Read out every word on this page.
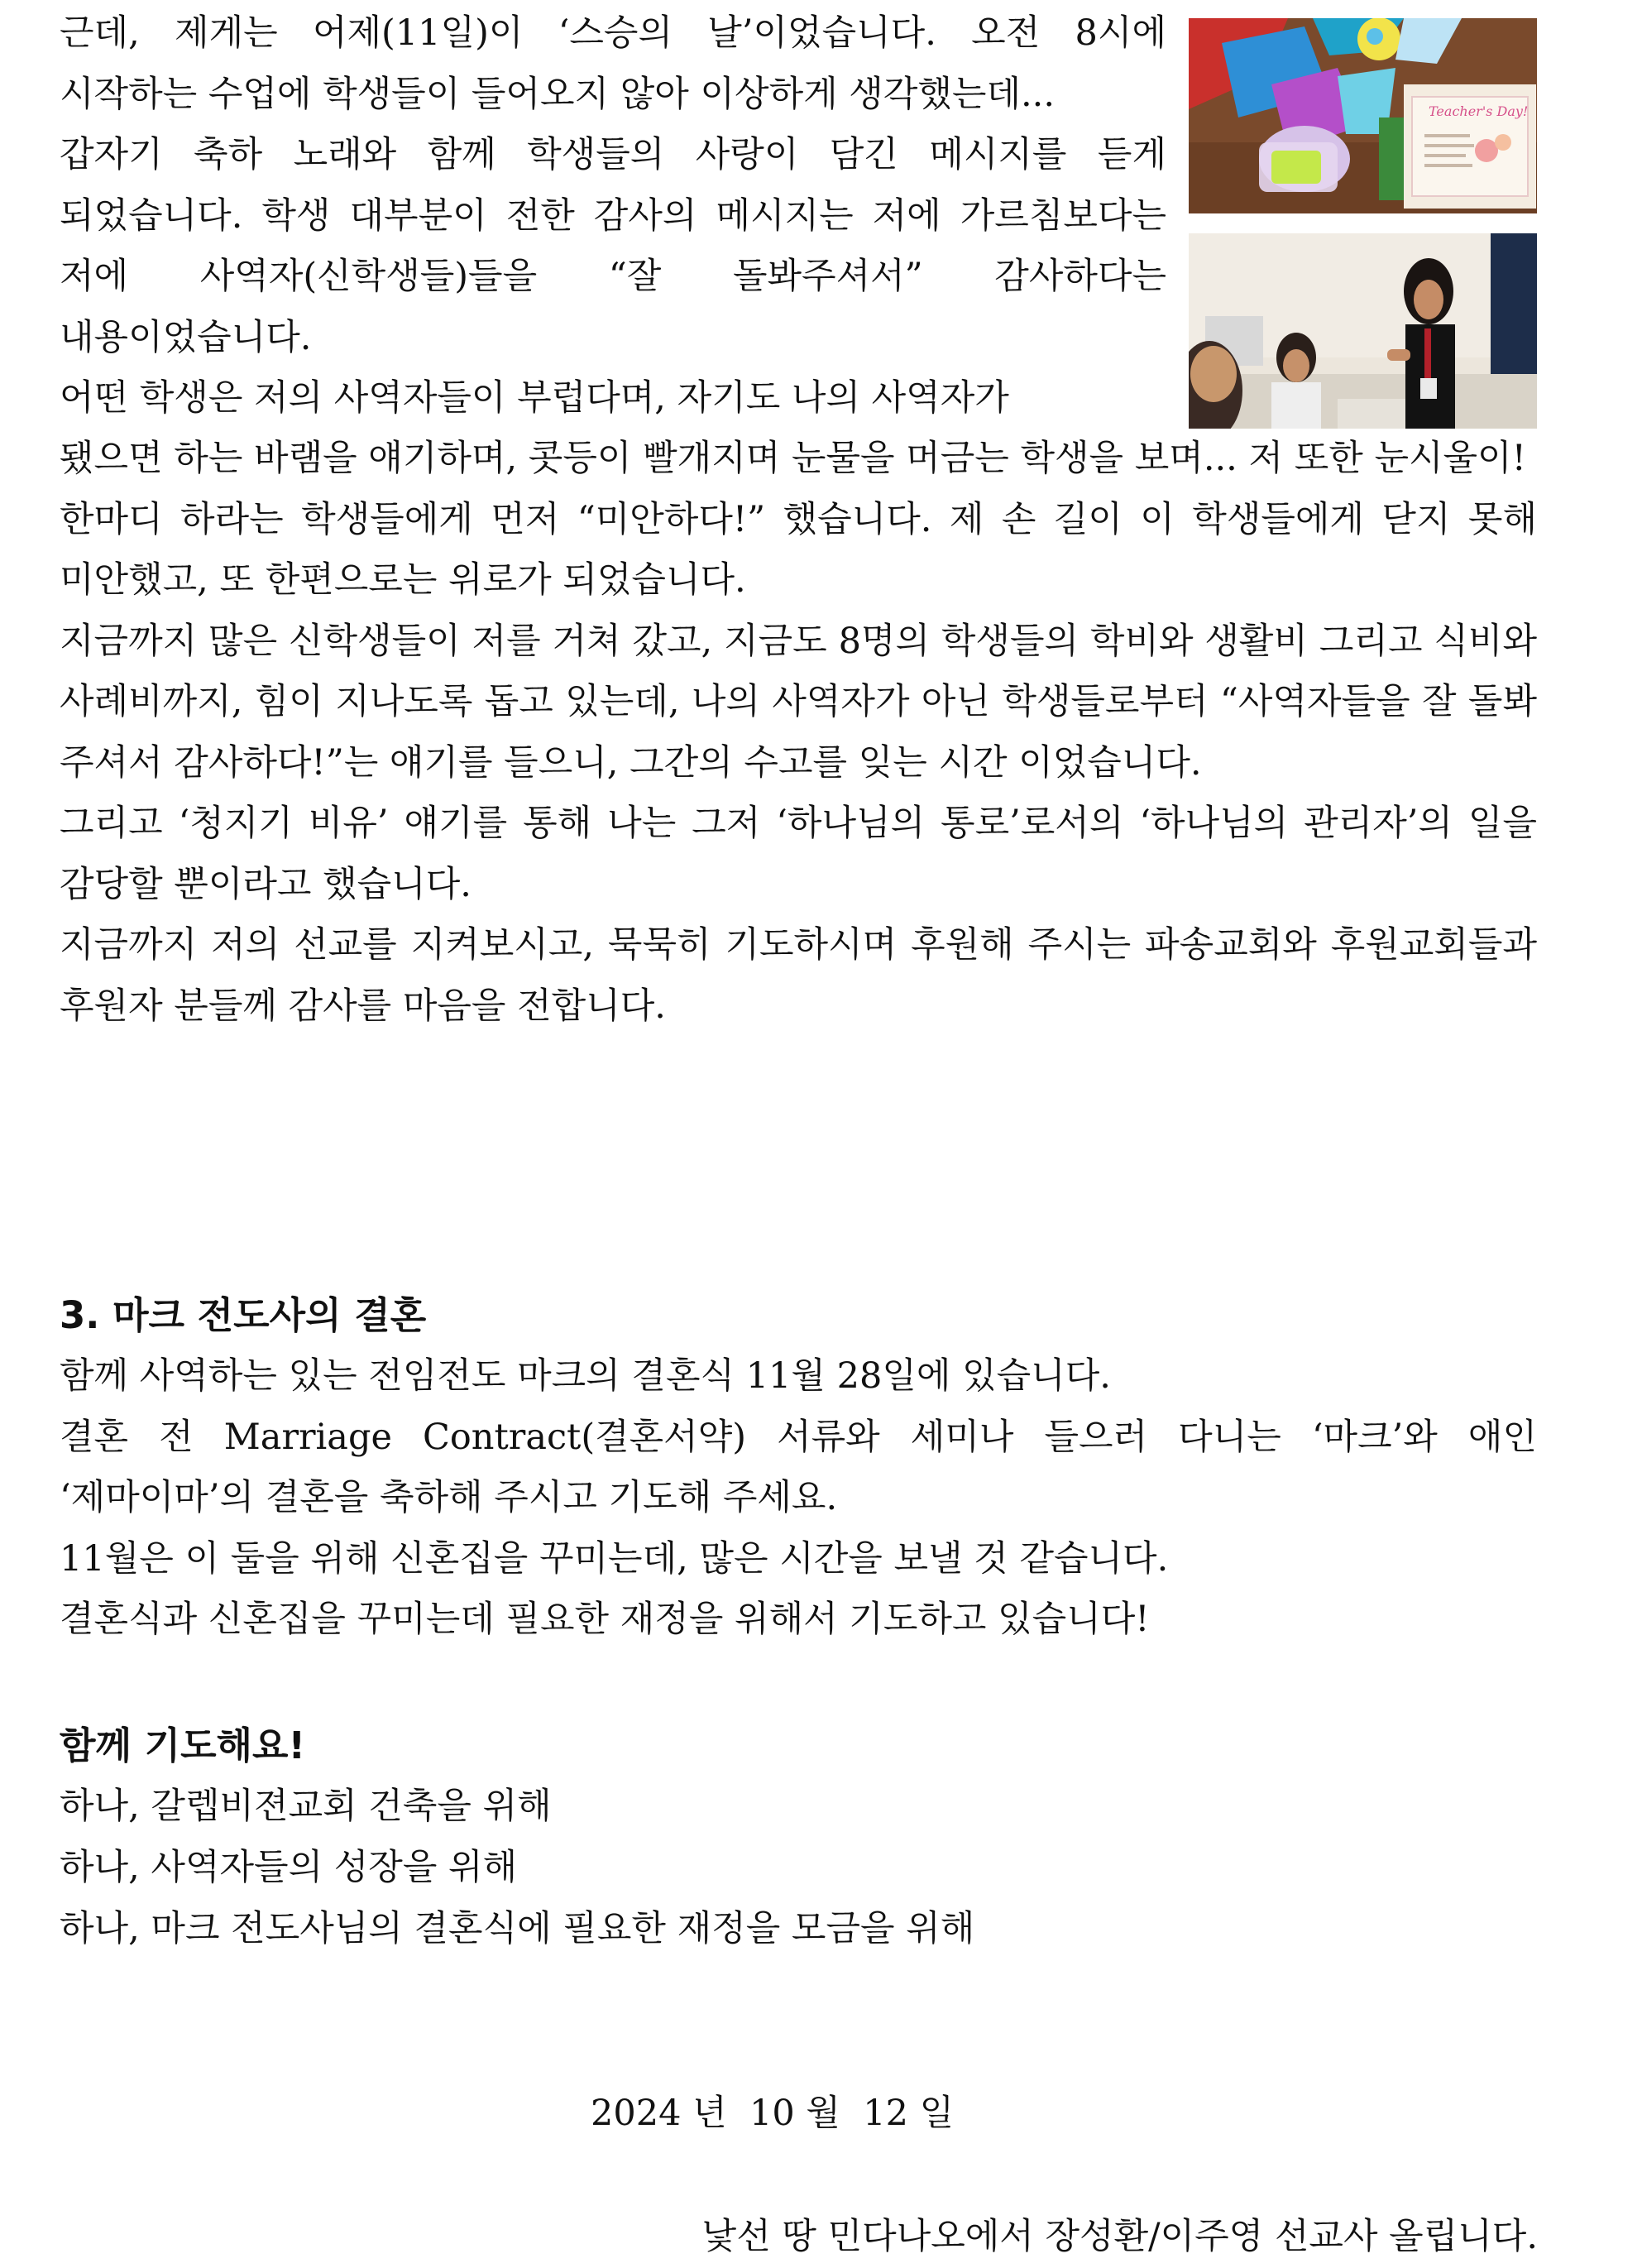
근데, 제게는 어제(11일)이 ‘스승의 날’이었습니다. 오전 8시에 시작하는 수업에 학생들이 들어오지 않아 이상하게 생각했는데...

갑자기 축하 노래와 함께 학생들의 사랑이 담긴 메시지를 듣게 되었습니다. 학생 대부분이 전한 감사의 메시지는 저에 가르침보다는 저에 사역자(신학생들)들을 “잘 돌봐주셔서” 감사하다는 내용이었습니다.

어떤 학생은 저의 사역자들이 부럽다며, 자기도 나의 사역자가

Teacher's Day!

됐으면 하는 바램을 얘기하며, 콧등이 빨개지며 눈물을 머금는 학생을 보며... 저 또한 눈시울이!

한마디 하라는 학생들에게 먼저 “미안하다!” 했습니다. 제 손 길이 이 학생들에게 닫지 못해 미안했고, 또 한편으로는 위로가 되었습니다.

지금까지 많은 신학생들이 저를 거쳐 갔고, 지금도 8명의 학생들의 학비와 생활비 그리고 식비와 사례비까지, 힘이 지나도록 돕고 있는데, 나의 사역자가 아닌 학생들로부터 “사역자들을 잘 돌봐 주셔서 감사하다!”는 얘기를 들으니, 그간의 수고를 잊는 시간 이었습니다.

그리고 ‘청지기 비유’ 얘기를 통해 나는 그저 ‘하나님의 통로’로서의 ‘하나님의 관리자’의 일을 감당할 뿐이라고 했습니다.

지금까지 저의 선교를 지켜보시고, 묵묵히 기도하시며 후원해 주시는 파송교회와 후원교회들과 후원자 분들께 감사를 마음을 전합니다.

3. 마크 전도사의 결혼

함께 사역하는 있는 전임전도 마크의 결혼식 11월 28일에 있습니다.

결혼 전 Marriage Contract(결혼서약) 서류와 세미나 들으러 다니는 ‘마크’와 애인 ‘제마이마’의 결혼을 축하해 주시고 기도해 주세요.

11월은 이 둘을 위해 신혼집을 꾸미는데, 많은 시간을 보낼 것 같습니다.

결혼식과 신혼집을 꾸미는데 필요한 재정을 위해서 기도하고 있습니다!

함께 기도해요!
하나, 갈렙비젼교회 건축을 위해
하나, 사역자들의 성장을 위해
하나, 마크 전도사님의 결혼식에 필요한 재정을 모금을 위해
2024 년  10 월  12 일
낯선 땅 민다나오에서 장성환/이주영 선교사 올립니다.
